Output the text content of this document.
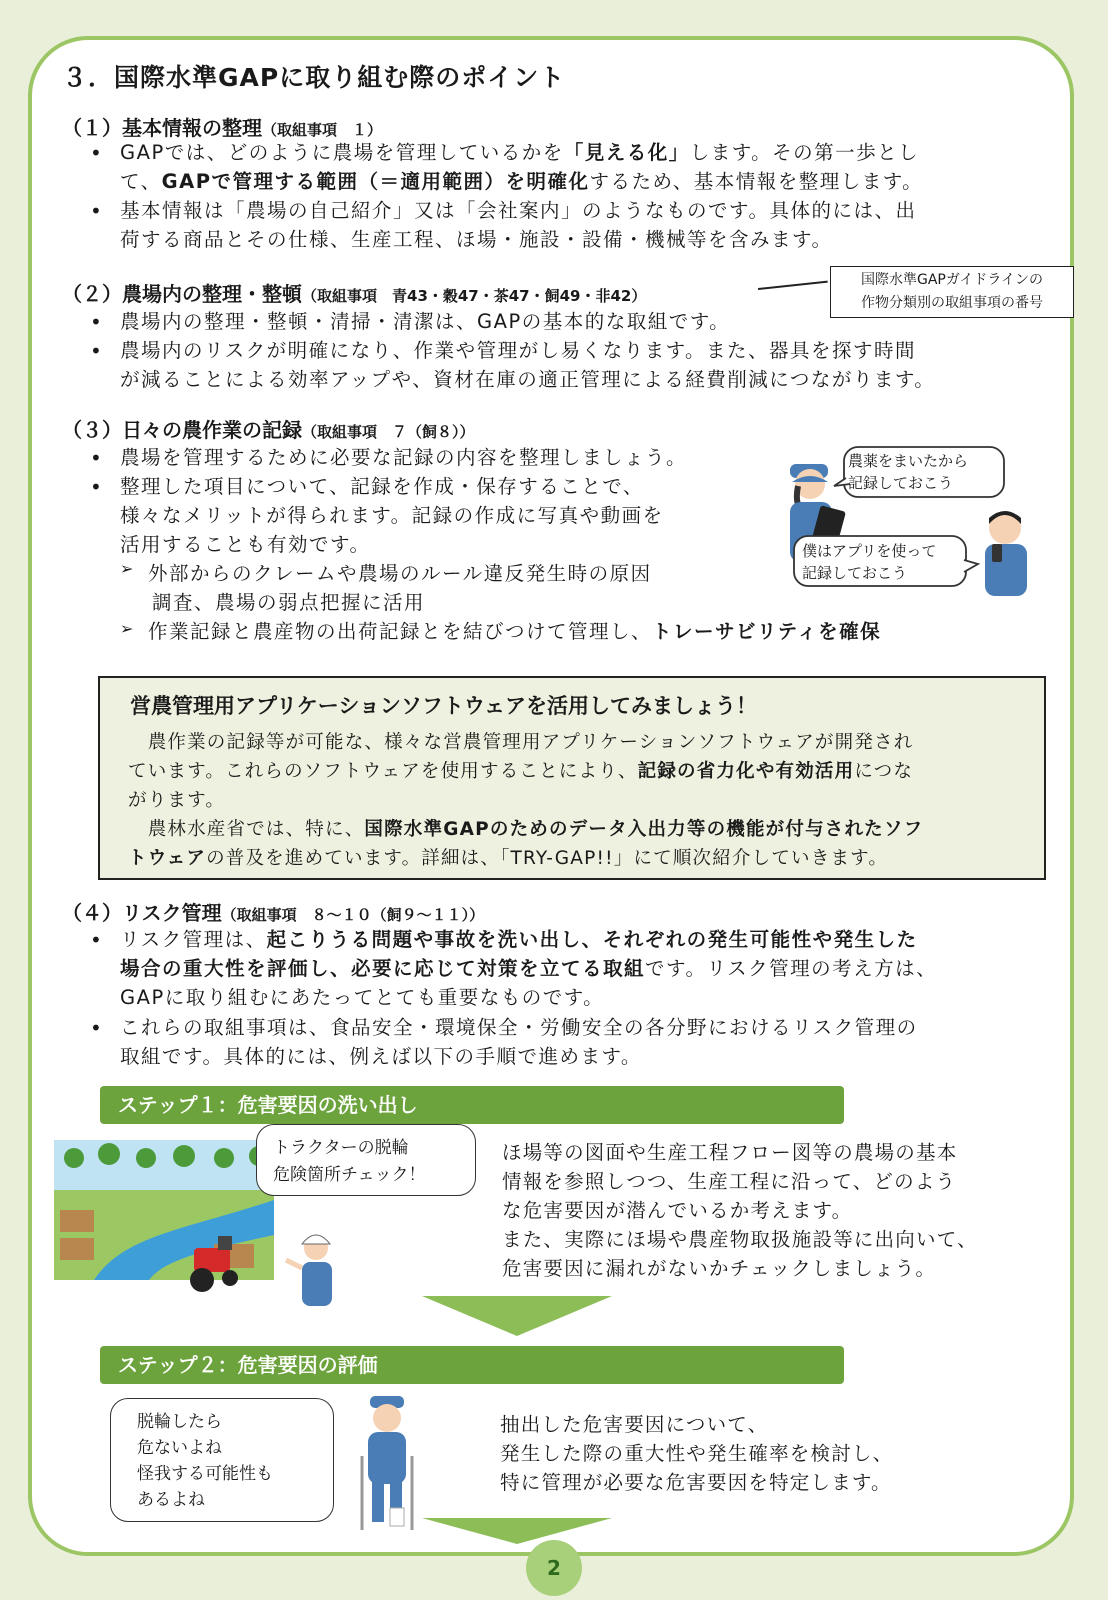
３．国際水準GAPに取り組む際のポイント
（１）基本情報の整理（取組事項　１）
• GAPでは、どのように農場を管理しているかを「見える化」します。その第一歩とし
て、GAPで管理する範囲（＝適用範囲）を明確化するため、基本情報を整理します。
• 基本情報は「農場の自己紹介」又は「会社案内」のようなものです。具体的には、出
荷する商品とその仕様、生産工程、ほ場・施設・設備・機械等を含みます。
（２）農場内の整理・整頓（取組事項　青43・穀47・茶47・飼49・非42）
国際水準GAPガイドラインの
作物分類別の取組事項の番号
• 農場内の整理・整頓・清掃・清潔は、GAPの基本的な取組です。
• 農場内のリスクが明確になり、作業や管理がし易くなります。また、器具を探す時間
が減ることによる効率アップや、資材在庫の適正管理による経費削減につながります。
（３）日々の農作業の記録（取組事項　７（飼８））
• 農場を管理するために必要な記録の内容を整理しましょう。
• 整理した項目について、記録を作成・保存することで、
様々なメリットが得られます。記録の作成に写真や動画を
活用することも有効です。
➢ 外部からのクレームや農場のルール違反発生時の原因
調査、農場の弱点把握に活用
➢ 作業記録と農産物の出荷記録とを結びつけて管理し、トレーサビリティを確保
農薬をまいたから
記録しておこう
僕はアプリを使って
記録しておこう
営農管理用アプリケーションソフトウェアを活用してみましょう！
　農作業の記録等が可能な、様々な営農管理用アプリケーションソフトウェアが開発され
ています。これらのソフトウェアを使用することにより、記録の省力化や有効活用につな
がります。
　農林水産省では、特に、国際水準GAPのためのデータ入出力等の機能が付与されたソフ
トウェアの普及を進めています。詳細は、「TRY-GAP!!」にて順次紹介していきます。
（４）リスク管理（取組事項　８～１０（飼９～１１））
• リスク管理は、起こりうる問題や事故を洗い出し、それぞれの発生可能性や発生した
場合の重大性を評価し、必要に応じて対策を立てる取組です。リスク管理の考え方は、
GAPに取り組むにあたってとても重要なものです。
• これらの取組事項は、食品安全・環境保全・労働安全の各分野におけるリスク管理の
取組です。具体的には、例えば以下の手順で進めます。
ステップ１：危害要因の洗い出し
トラクターの脱輪
危険箇所チェック！
ほ場等の図面や生産工程フロー図等の農場の基本
情報を参照しつつ、生産工程に沿って、どのよう
な危害要因が潜んでいるか考えます。
また、実際にほ場や農産物取扱施設等に出向いて、
危害要因に漏れがないかチェックしましょう。
ステップ２：危害要因の評価
脱輪したら
危ないよね
怪我する可能性も
あるよね
抽出した危害要因について、
発生した際の重大性や発生確率を検討し、
特に管理が必要な危害要因を特定します。
2
